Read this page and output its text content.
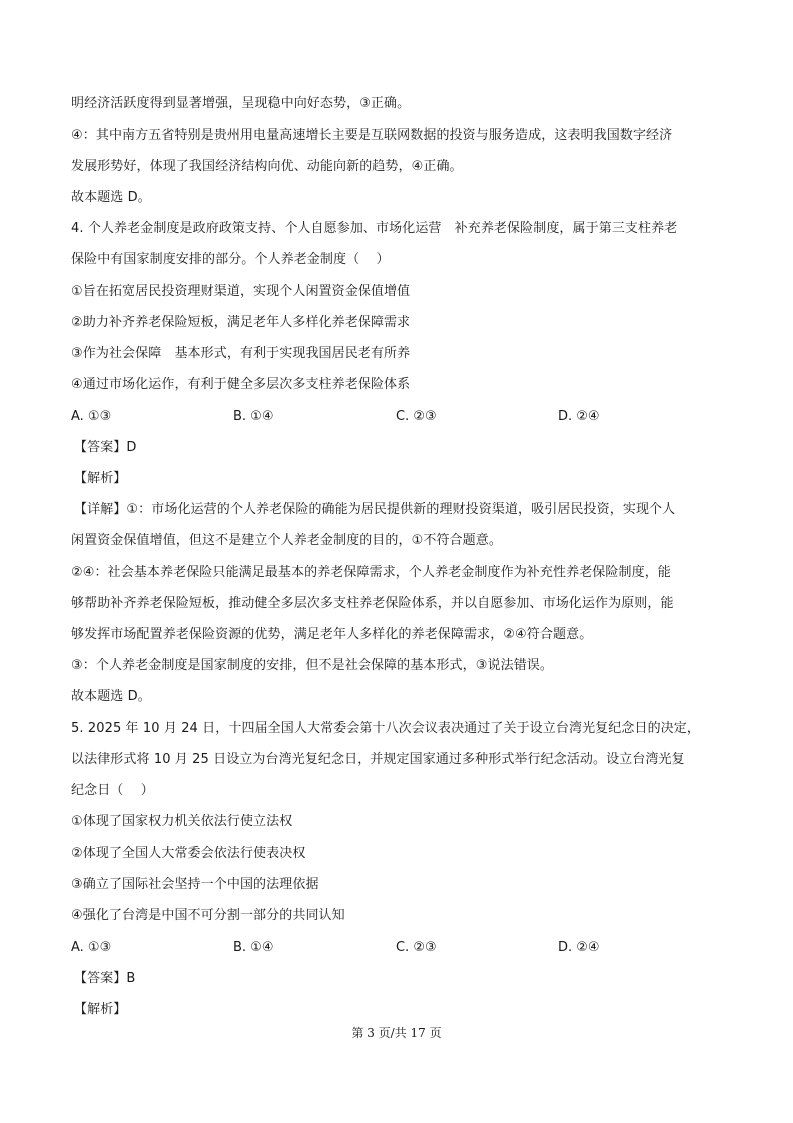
明经济活跃度得到显著增强，呈现稳中向好态势，③正确。
④：其中南方五省特别是贵州用电量高速增长主要是互联网数据的投资与服务造成，这表明我国数字经济
发展形势好，体现了我国经济结构向优、动能向新的趋势，④正确。
故本题选 D。
4. 个人养老金制度是政府政策支持、个人自愿参加、市场化运营　补充养老保险制度，属于第三支柱养老
保险中有国家制度安排的部分。个人养老金制度（　 ）
①旨在拓宽居民投资理财渠道，实现个人闲置资金保值增值
②助力补齐养老保险短板，满足老年人多样化养老保障需求
③作为社会保障　基本形式，有利于实现我国居民老有所养
④通过市场化运作，有利于健全多层次多支柱养老保险体系
A. ①③	B. ①④	C. ②③	D. ②④
【答案】D
【解析】
【详解】①：市场化运营的个人养老保险的确能为居民提供新的理财投资渠道，吸引居民投资，实现个人
闲置资金保值增值，但这不是建立个人养老金制度的目的，①不符合题意。
②④：社会基本养老保险只能满足最基本的养老保障需求，个人养老金制度作为补充性养老保险制度，能
够帮助补齐养老保险短板，推动健全多层次多支柱养老保险体系，并以自愿参加、市场化运作为原则，能
够发挥市场配置养老保险资源的优势，满足老年人多样化的养老保障需求，②④符合题意。
③：个人养老金制度是国家制度的安排，但不是社会保障的基本形式，③说法错误。
故本题选 D。
5. 2025 年 10 月 24 日，十四届全国人大常委会第十八次会议表决通过了关于设立台湾光复纪念日的决定，
以法律形式将 10 月 25 日设立为台湾光复纪念日，并规定国家通过多种形式举行纪念活动。设立台湾光复
纪念日（　 ）
①体现了国家权力机关依法行使立法权
②体现了全国人大常委会依法行使表决权
③确立了国际社会坚持一个中国的法理依据
④强化了台湾是中国不可分割一部分的共同认知
A. ①③	B. ①④	C. ②③	D. ②④
【答案】B
【解析】
第 3 页/共 17 页
